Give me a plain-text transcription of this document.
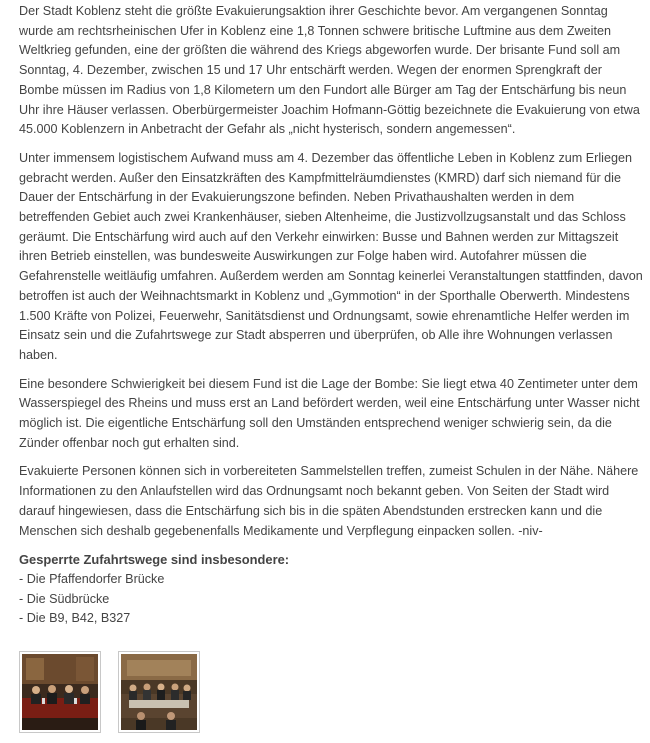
Der Stadt Koblenz steht die größte Evakuierungsaktion ihrer Geschichte bevor. Am vergangenen Sonntag wurde am rechtsrheinischen Ufer in Koblenz eine 1,8 Tonnen schwere britische Luftmine aus dem Zweiten Weltkrieg gefunden, eine der größten die während des Kriegs abgeworfen wurde. Der brisante Fund soll am Sonntag, 4. Dezember, zwischen 15 und 17 Uhr entschärft werden. Wegen der enormen Sprengkraft der Bombe müssen im Radius von 1,8 Kilometern um den Fundort alle Bürger am Tag der Entschärfung bis neun Uhr ihre Häuser verlassen. Oberbürgermeister Joachim Hofmann-Göttig bezeichnete die Evakuierung von etwa 45.000 Koblenzern in Anbetracht der Gefahr als „nicht hysterisch, sondern angemessen“.

Unter immensem logistischem Aufwand muss am 4. Dezember das öffentliche Leben in Koblenz zum Erliegen gebracht werden. Außer den Einsatzkräften des Kampfmittelräumdienstes (KMRD) darf sich niemand für die Dauer der Entschärfung in der Evakuierungszone befinden. Neben Privathaushalten werden in dem betreffenden Gebiet auch zwei Krankenhäuser, sieben Altenheime, die Justizvollzugsanstalt und das Schloss geräumt. Die Entschärfung wird auch auf den Verkehr einwirken: Busse und Bahnen werden zur Mittagszeit ihren Betrieb einstellen, was bundesweite Auswirkungen zur Folge haben wird. Autofahrer müssen die Gefahrenstelle weitläufig umfahren. Außerdem werden am Sonntag keinerlei Veranstaltungen stattfinden, davon betroffen ist auch der Weihnachtsmarkt in Koblenz und „Gymmotion“ in der Sporthalle Oberwerth. Mindestens 1.500 Kräfte von Polizei, Feuerwehr, Sanitätsdienst und Ordnungsamt, sowie ehrenamtliche Helfer werden im Einsatz sein und die Zufahrtswege zur Stadt absperren und überprüfen, ob Alle ihre Wohnungen verlassen haben.

Eine besondere Schwierigkeit bei diesem Fund ist die Lage der Bombe: Sie liegt etwa 40 Zentimeter unter dem Wasserspiegel des Rheins und muss erst an Land befördert werden, weil eine Entschärfung unter Wasser nicht möglich ist. Die eigentliche Entschärfung soll den Umständen entsprechend weniger schwierig sein, da die Zünder offenbar noch gut erhalten sind.

Evakuierte Personen können sich in vorbereiteten Sammelstellen treffen, zumeist Schulen in der Nähe. Nähere Informationen zu den Anlaufstellen wird das Ordnungsamt noch bekannt geben. Von Seiten der Stadt wird darauf hingewiesen, dass die Entschärfung sich bis in die späten Abendstunden erstrecken kann und die Menschen sich deshalb gegebenenfalls Medikamente und Verpflegung einpacken sollen. -niv-

Gesperrte Zufahrtswege sind insbesondere:
- Die Pfaffendorfer Brücke
- Die Südbrücke
- Die B9, B42, B327
